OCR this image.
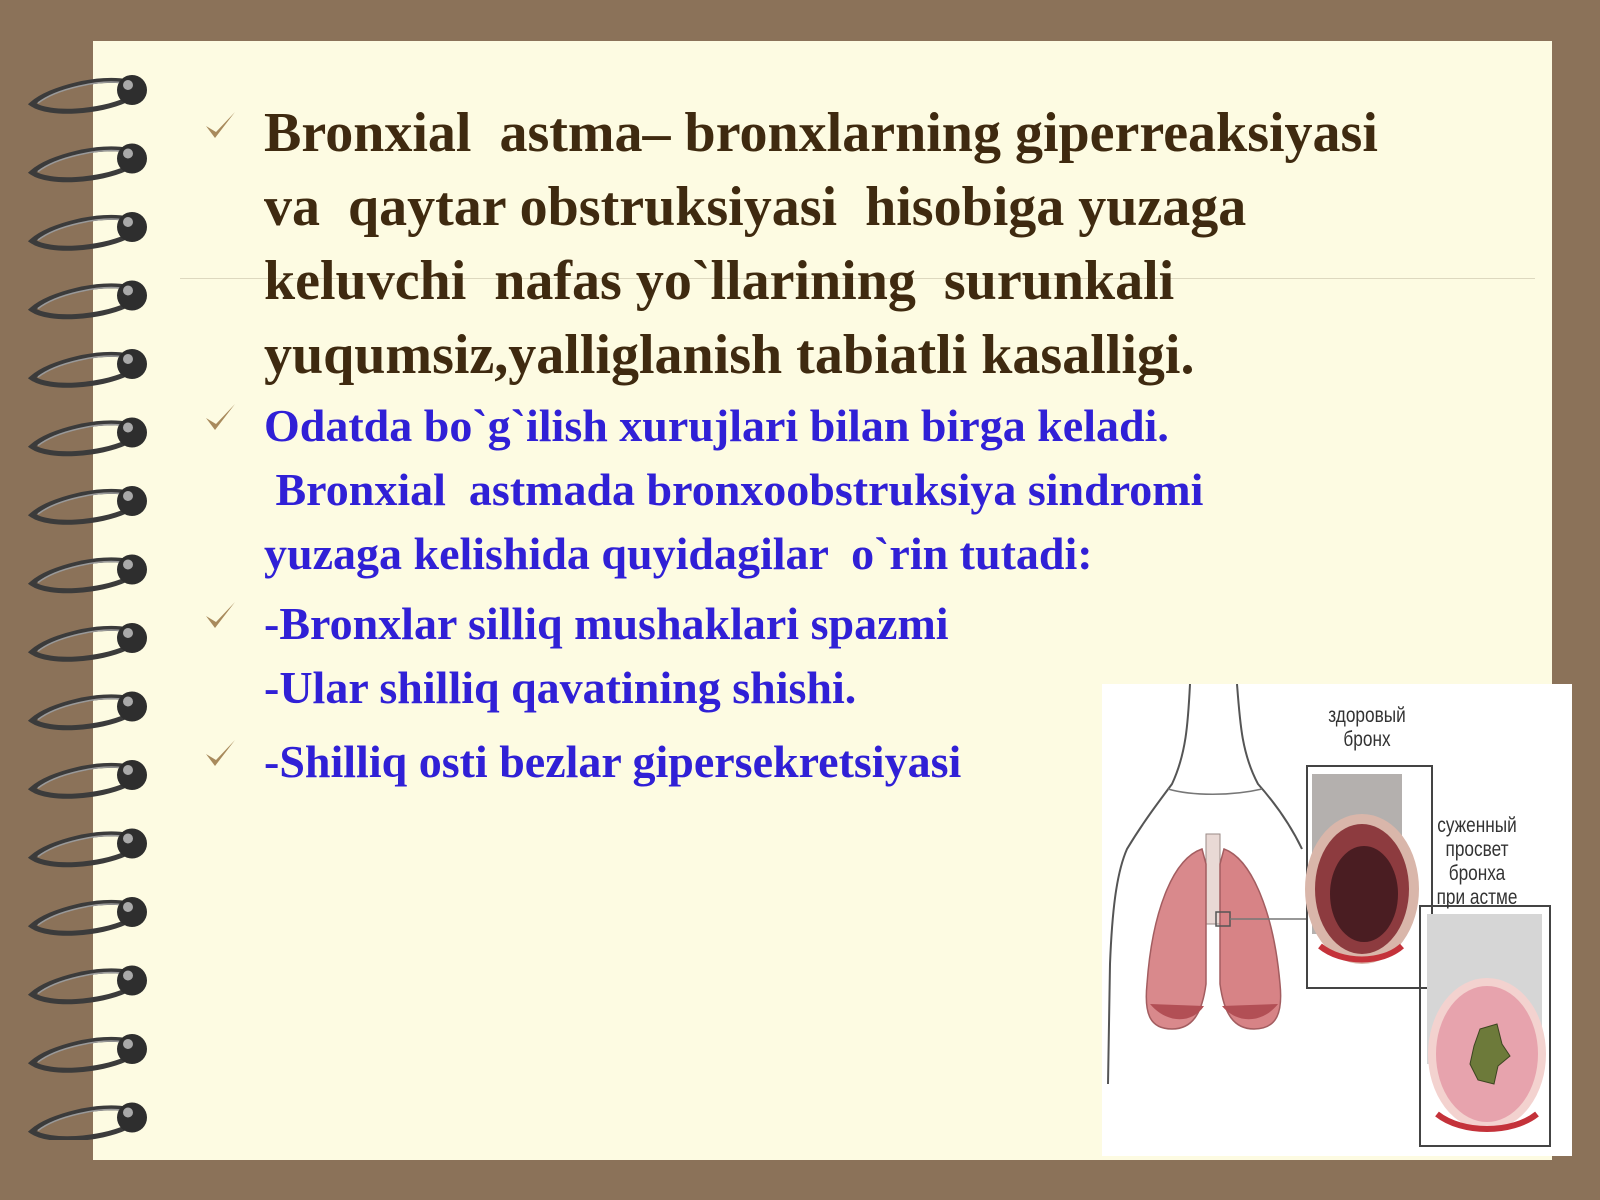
Bronxial  astma– bronxlarning giperreaksiyasi
va  qaytar obstruksiyasi  hisobiga yuzaga
keluvchi  nafas yo`llarining  surunkali
yuqumsiz,yalliglanish tabiatli kasalligi.
Odatda bo`g`ilish xurujlari bilan birga keladi.
Bronxial  astmada bronxoobstruksiya sindromi
yuzaga kelishida quyidagilar  o`rin tutadi:
-Bronxlar silliq mushaklari spazmi
-Ular shilliq qavatining shishi.
-Shilliq osti bezlar gipersekretsiyasi
здоровый
бронх
суженный
просвет
бронха
при астме
